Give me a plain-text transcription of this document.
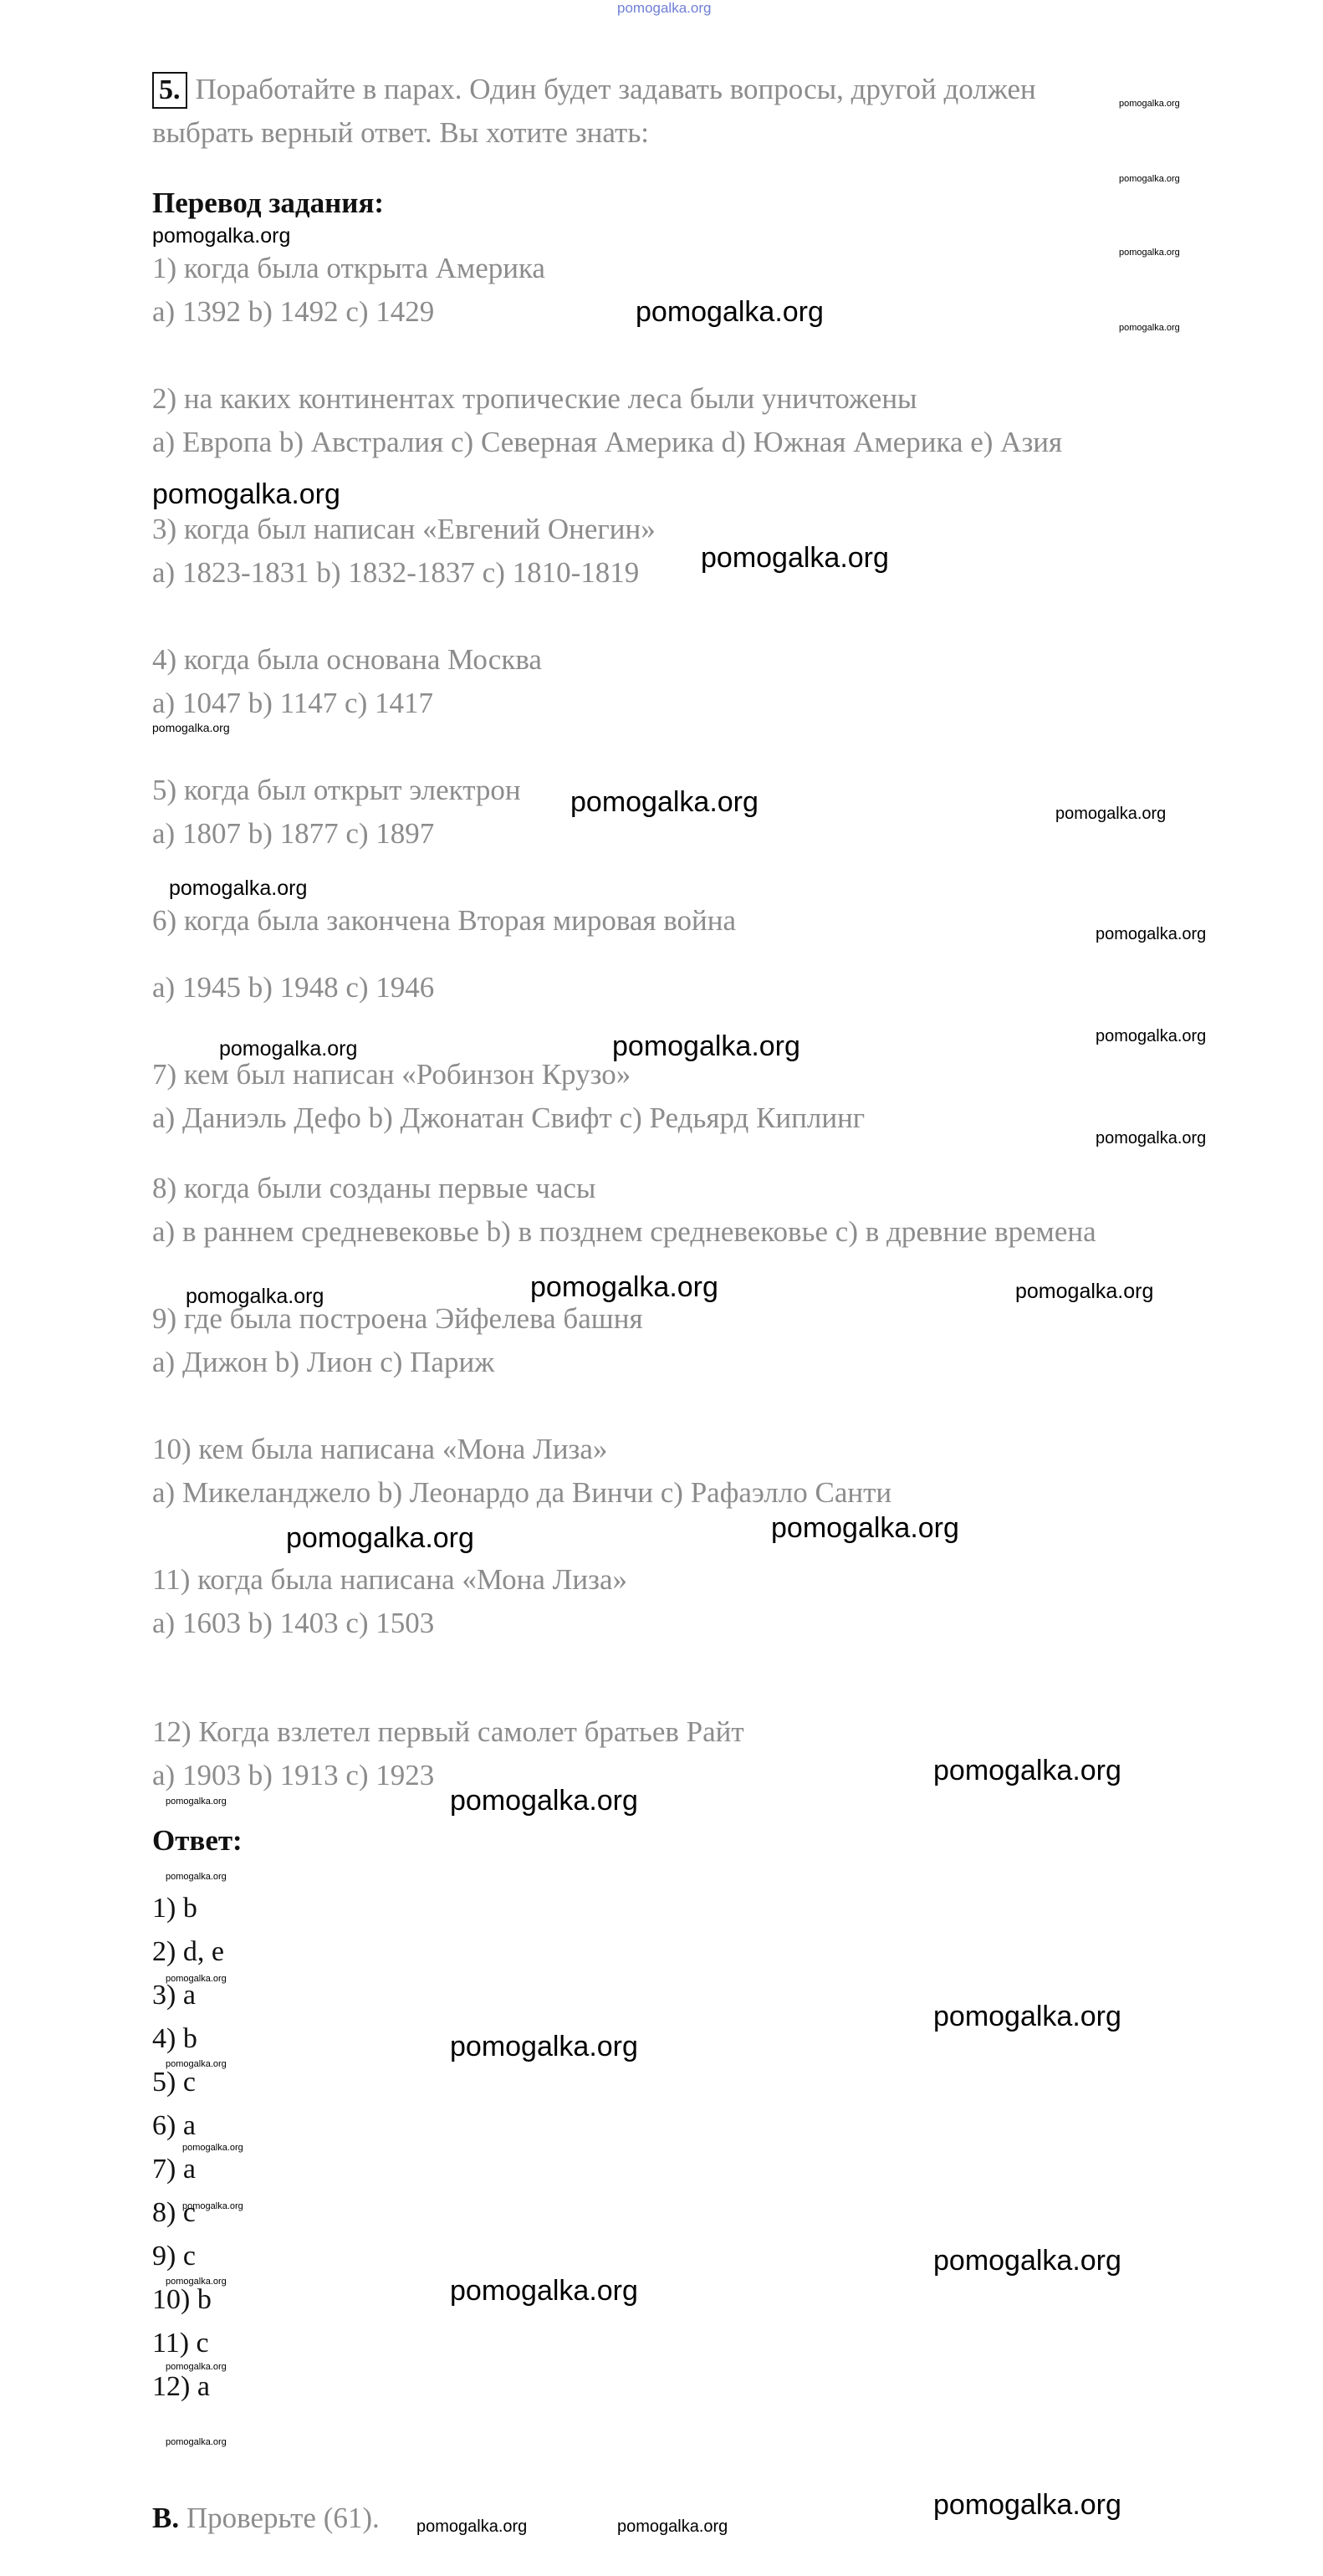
pomogalka.org
5. Поработайте в парах. Один будет задавать вопросы, другой должен
выбрать верный ответ. Вы хотите знать:
Перевод задания:
1) когда была открыта Америка
a) 1392 b) 1492 c) 1429
2) на каких континентах тропические леса были уничтожены
a) Европа b) Австралия c) Северная Америка d) Южная Америка e) Азия
3) когда был написан «Евгений Онегин»
a) 1823-1831 b) 1832-1837 c) 1810-1819
4) когда была основана Москва
a) 1047 b) 1147 c) 1417
5) когда был открыт электрон
a) 1807 b) 1877 c) 1897
6) когда была закончена Вторая мировая война
a) 1945 b) 1948 c) 1946
7) кем был написан «Робинзон Крузо»
a) Даниэль Дефо b) Джонатан Свифт c) Редьярд Киплинг
8) когда были созданы первые часы
a) в раннем средневековье b) в позднем средневековье c) в древние времена
9) где была построена Эйфелева башня
a) Дижон b) Лион c) Париж
10) кем была написана «Мона Лиза»
a) Микеланджело b) Леонардо да Винчи c) Рафаэлло Санти
11) когда была написана «Мона Лиза»
a) 1603 b) 1403 c) 1503
12) Когда взлетел первый самолет братьев Райт
a) 1903 b) 1913 c) 1923
Ответ:
1) b
2) d, e
3) a
4) b
5) c
6) a
7) a
8) c
9) c
10) b
11) c
12) a
B. Проверьте (61).
pomogalka.org
pomogalka.org
pomogalka.org
pomogalka.org
pomogalka.org	pomogalka.org
pomogalka.org
pomogalka.org
pomogalka.org
pomogalka.org	pomogalka.org
pomogalka.org
pomogalka.org
pomogalka.org	pomogalka.org	pomogalka.org
pomogalka.org
pomogalka.org	pomogalka.org	pomogalka.org
pomogalka.org
pomogalka.org
pomogalka.org
pomogalka.org	pomogalka.org
pomogalka.org
pomogalka.org
pomogalka.org
pomogalka.org
pomogalka.org
pomogalka.org
pomogalka.org
pomogalka.org
pomogalka.org	pomogalka.org
pomogalka.org
pomogalka.org
pomogalka.org
pomogalka.org	pomogalka.org
